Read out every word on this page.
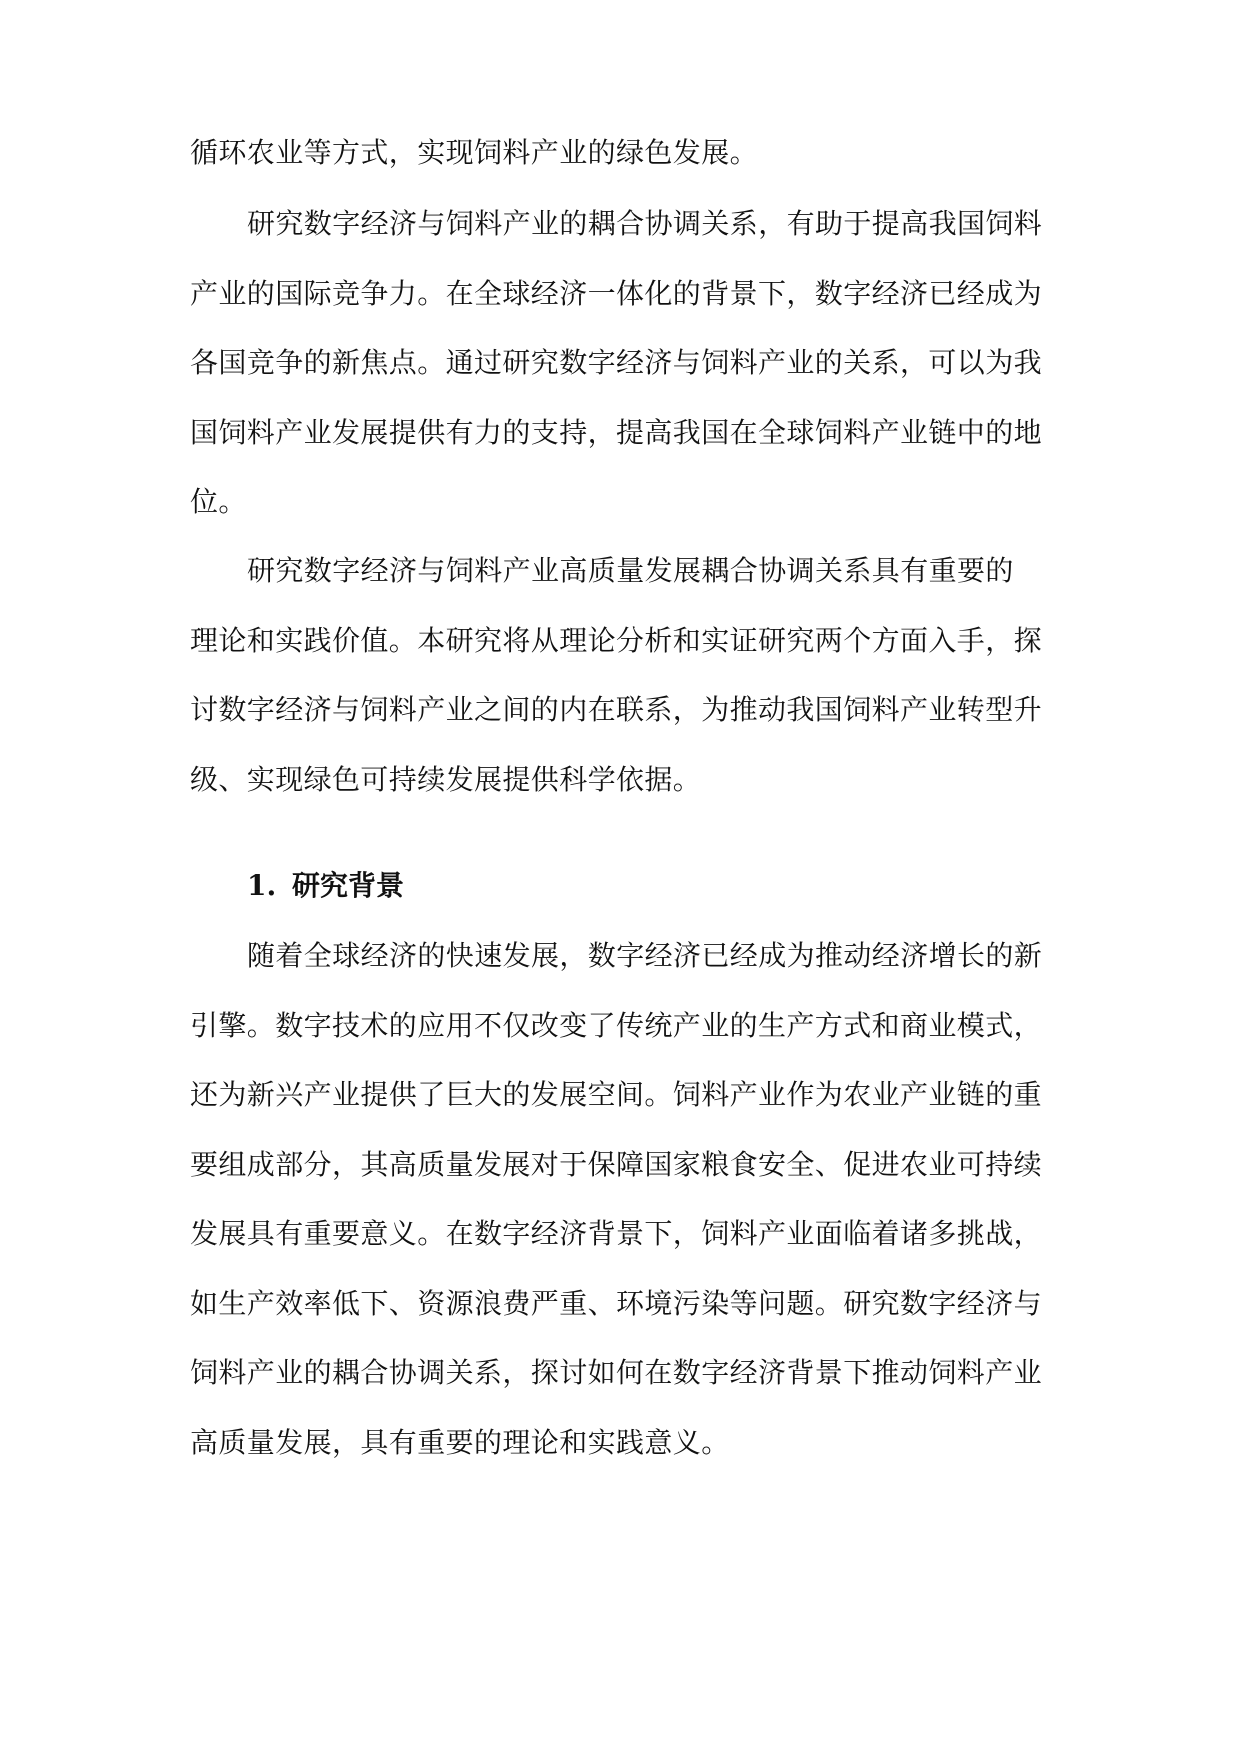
循环农业等方式，实现饲料产业的绿色发展。
研究数字经济与饲料产业的耦合协调关系，有助于提高我国饲料
产业的国际竞争力。在全球经济一体化的背景下，数字经济已经成为
各国竞争的新焦点。通过研究数字经济与饲料产业的关系，可以为我
国饲料产业发展提供有力的支持，提高我国在全球饲料产业链中的地
位。
研究数字经济与饲料产业高质量发展耦合协调关系具有重要的
理论和实践价值。本研究将从理论分析和实证研究两个方面入手，探
讨数字经济与饲料产业之间的内在联系，为推动我国饲料产业转型升
级、实现绿色可持续发展提供科学依据。
1. 研究背景
随着全球经济的快速发展，数字经济已经成为推动经济增长的新
引擎。数字技术的应用不仅改变了传统产业的生产方式和商业模式，
还为新兴产业提供了巨大的发展空间。饲料产业作为农业产业链的重
要组成部分，其高质量发展对于保障国家粮食安全、促进农业可持续
发展具有重要意义。在数字经济背景下，饲料产业面临着诸多挑战，
如生产效率低下、资源浪费严重、环境污染等问题。研究数字经济与
饲料产业的耦合协调关系，探讨如何在数字经济背景下推动饲料产业
高质量发展，具有重要的理论和实践意义。
